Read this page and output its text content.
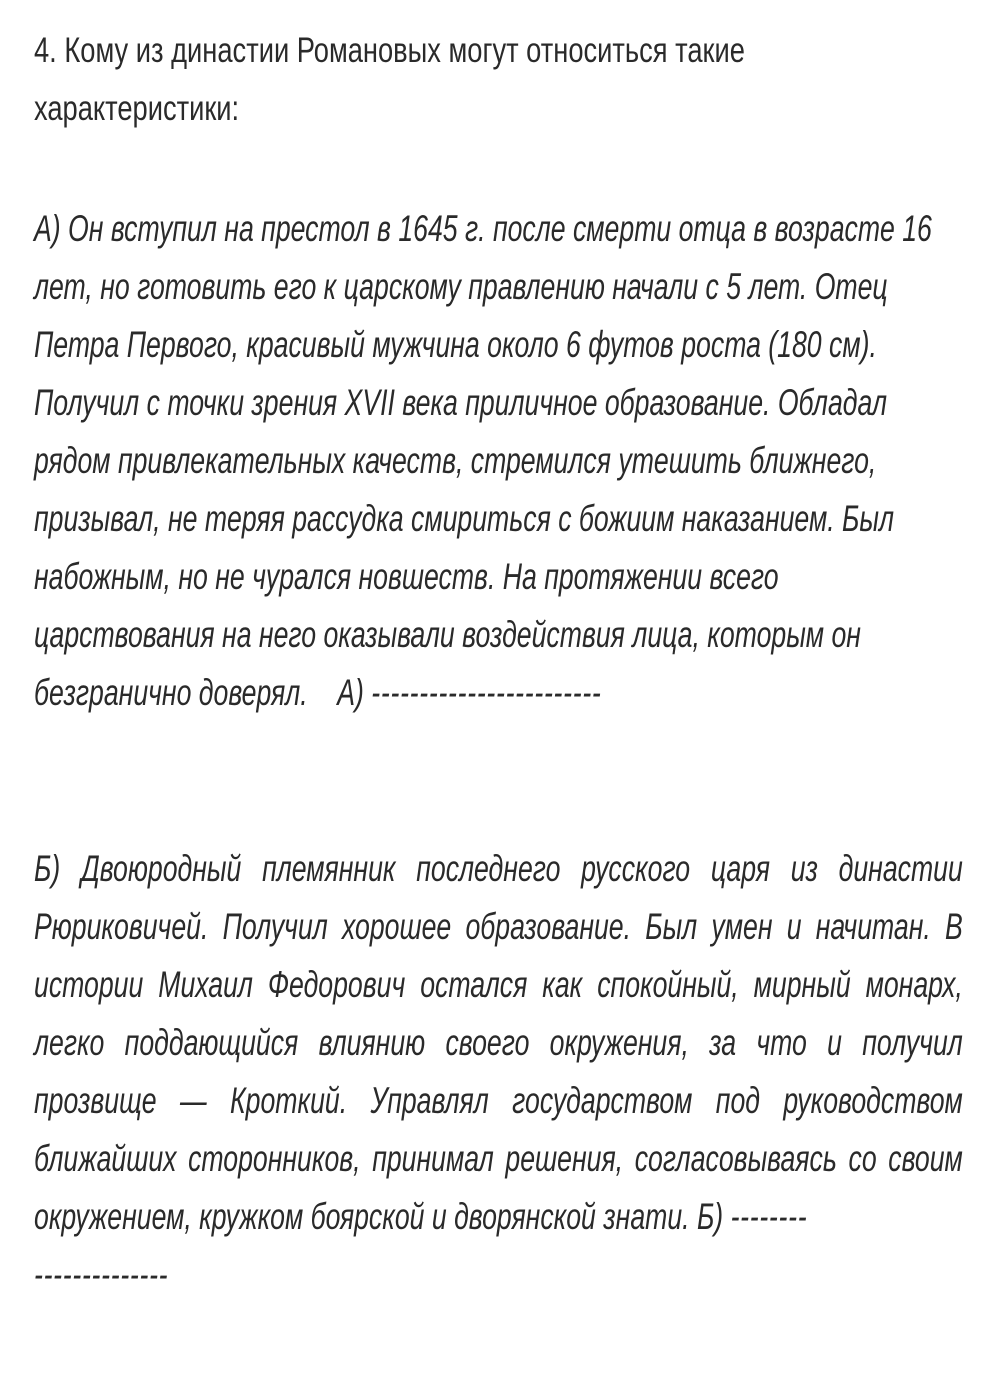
4. Кому из династии Романовых могут относиться такие
характеристики:

А) Он вступил на престол в 1645 г. после смерти отца в возрасте 16 лет, но готовить его к царскому правлению начали с 5 лет. Отец Петра Первого, красивый мужчина около 6 футов роста (180 см). Получил с точки зрения XVII века приличное образование. Обладал рядом привлекательных качеств, стремился утешить ближнего, призывал, не теряя рассудка смириться с божиим наказанием. Был набожным, но не чурался новшеств. На протяжении всего царствования на него оказывали воздействия лица, которым он безгранично доверял. А) ------------------------

Б) Двоюродный племянник последнего русского царя из династии Рюриковичей. Получил хорошее образование. Был умен и начитан. В истории Михаил Федорович остался как спокойный, мирный монарх, легко поддающийся влиянию своего окружения, за что и получил прозвище — Кроткий. Управлял государством под руководством ближайших сторонников, принимал решения, согласовываясь со своим окружением, кружком боярской и дворянской знати. Б) --------
--------------
